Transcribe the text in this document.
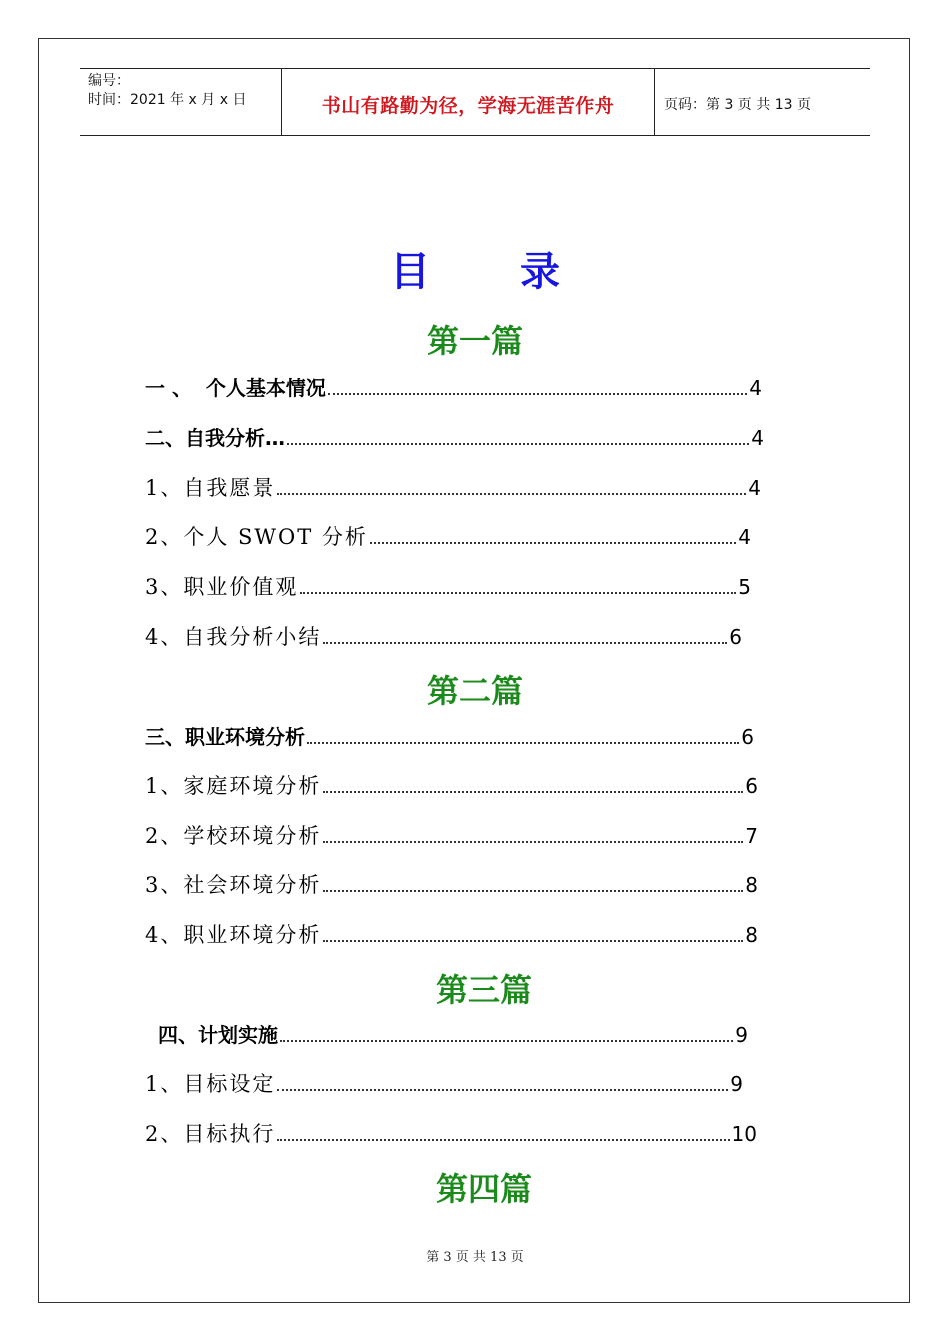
编号：
时间：2021 年 x 月 x 日	书山有路勤为径，学海无涯苦作舟	页码：第 3 页 共 13 页
目 录
第一篇
一 、  个人基本情况	4
二、自我分析…	4
1、自我愿景	4
2、个人 SWOT 分析	4
3、职业价值观	5
4、自我分析小结	6
第二篇
三、职业环境分析	6
1、家庭环境分析	6
2、学校环境分析	7
3、社会环境分析	8
4、职业环境分析	8
第三篇
四、计划实施	9
1、目标设定	9
2、目标执行	10
第四篇
第 3 页 共 13 页
